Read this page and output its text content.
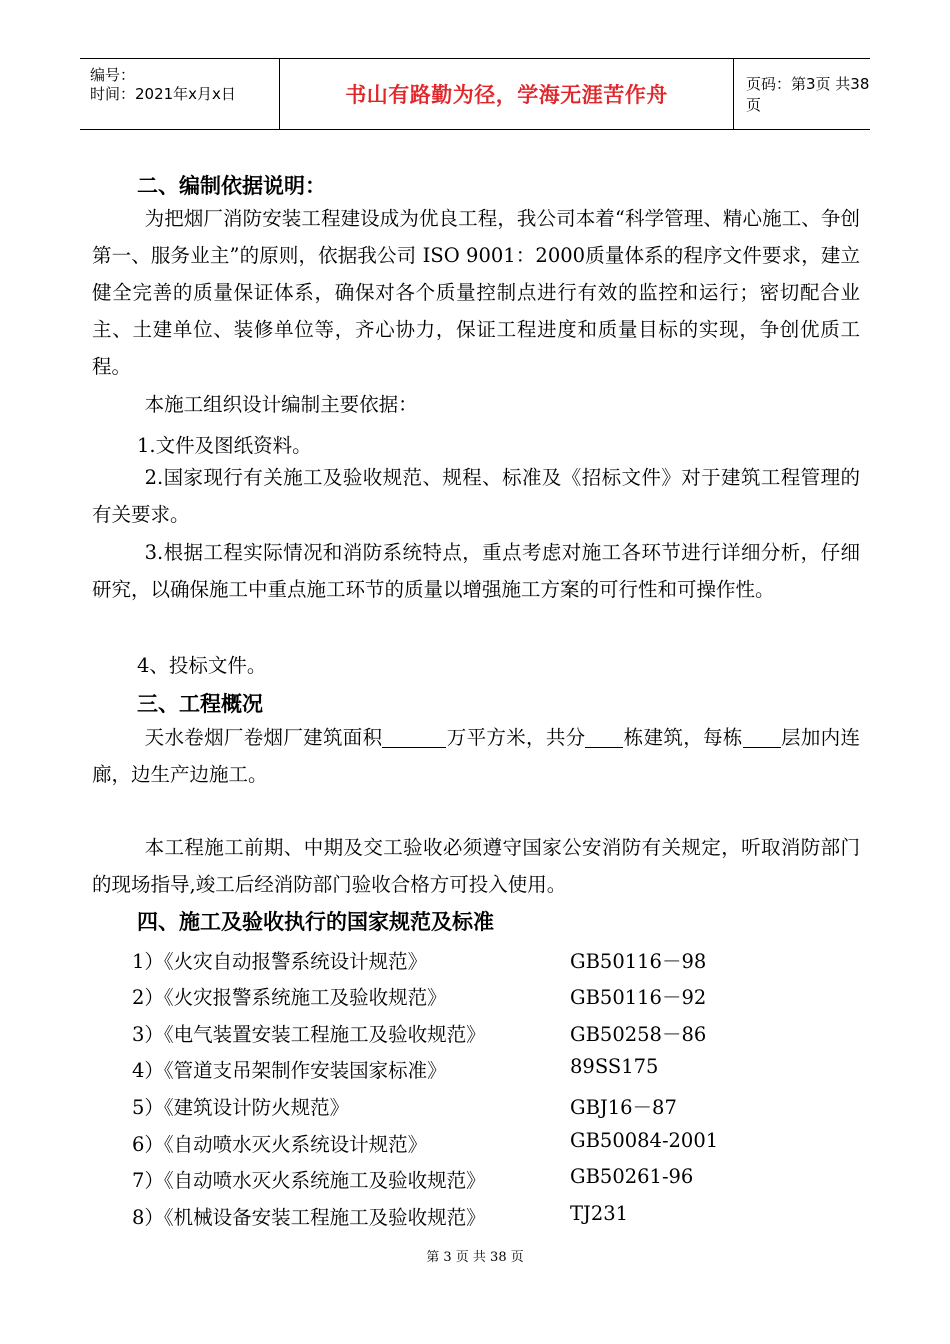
编号：
时间：2021年x月x日	书山有路勤为径，学海无涯苦作舟	页码：第3页 共38页
二、编制依据说明：
为把烟厂消防安装工程建设成为优良工程，我公司本着“科学管理、精心施工、争创第一、服务业主”的原则，依据我公司 ISO 9001：2000质量体系的程序文件要求，建立健全完善的质量保证体系，确保对各个质量控制点进行有效的监控和运行；密切配合业主、土建单位、装修单位等，齐心协力，保证工程进度和质量目标的实现，争创优质工程。
本施工组织设计编制主要依据：
1.文件及图纸资料。
2.国家现行有关施工及验收规范、规程、标准及《招标文件》对于建筑工程管理的有关要求。
3.根据工程实际情况和消防系统特点，重点考虑对施工各环节进行详细分析，仔细研究，以确保施工中重点施工环节的质量以增强施工方案的可行性和可操作性。
4、投标文件。
三、工程概况
天水卷烟厂卷烟厂建筑面积	万平方米，共分 栋建筑，每栋 层加内连廊，边生产边施工。
本工程施工前期、中期及交工验收必须遵守国家公安消防有关规定，听取消防部门的现场指导,竣工后经消防部门验收合格方可投入使用。
四、施工及验收执行的国家规范及标准
1）《火灾自动报警系统设计规范》	GB50116－98
2）《火灾报警系统施工及验收规范》	GB50116－92
3）《电气装置安装工程施工及验收规范》	GB50258－86
4）《管道支吊架制作安装国家标准》	89SS175
5）《建筑设计防火规范》	GBJ16－87
6）《自动喷水灭火系统设计规范》	GB50084-2001
7）《自动喷水灭火系统施工及验收规范》	GB50261-96
8）《机械设备安装工程施工及验收规范》	TJ231
第 3 页 共 38 页
